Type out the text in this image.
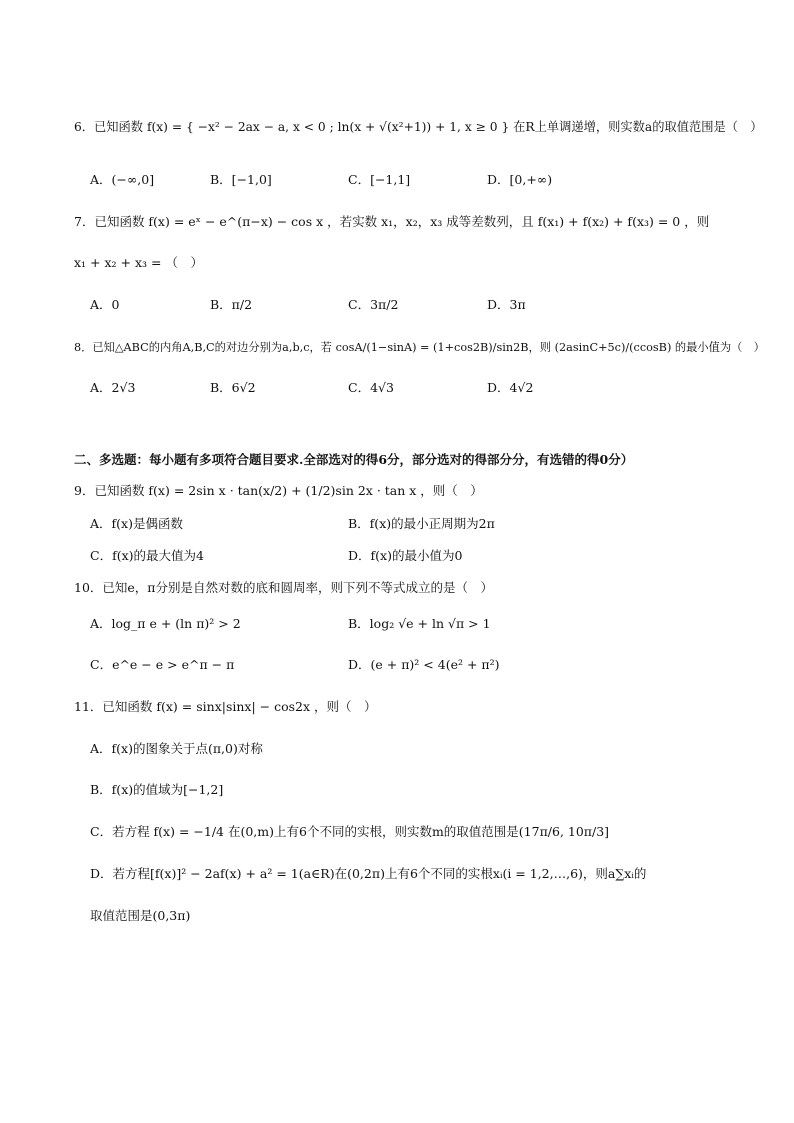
6．已知函数 f(x) = { −x² − 2ax − a, x < 0 ; ln(x + √(x²+1)) + 1, x ≥ 0 } 在R上单调递增，则实数a的取值范围是（　）
A．(−∞,0]	B．[−1,0]	C．[−1,1]	D．[0,+∞)
7．已知函数 f(x) = eˣ − e^(π−x) − cos x ，若实数 x₁，x₂，x₃ 成等差数列，且 f(x₁) + f(x₂) + f(x₃) = 0 ，则
x₁ + x₂ + x₃ = （　）
A．0	B．π/2	C．3π/2	D．3π
8．已知△ABC的内角A,B,C的对边分别为a,b,c，若 cosA/(1−sinA) = (1+cos2B)/sin2B，则 (2asinC+5c)/(ccosB) 的最小值为（　）
A．2√3	B．6√2	C．4√3	D．4√2
二、多选题：每小题有多项符合题目要求.全部选对的得6分，部分选对的得部分分，有选错的得0分）
9．已知函数 f(x) = 2sin x · tan(x/2) + (1/2)sin 2x · tan x ，则（　）
A．f(x)是偶函数	B．f(x)的最小正周期为2π
C．f(x)的最大值为4	D．f(x)的最小值为0
10．已知e，π分别是自然对数的底和圆周率，则下列不等式成立的是（　）
A．log_π e + (ln π)² > 2	B．log₂ √e + ln √π > 1
C．e^e − e > e^π − π	D．(e + π)² < 4(e² + π²)
11．已知函数 f(x) = sinx|sinx| − cos2x ，则（　）
A．f(x)的图象关于点(π,0)对称
B．f(x)的值域为[−1,2]
C．若方程 f(x) = −1/4 在(0,m)上有6个不同的实根，则实数m的取值范围是(17π/6, 10π/3]
D．若方程[f(x)]² − 2af(x) + a² = 1(a∈R)在(0,2π)上有6个不同的实根xᵢ(i = 1,2,…,6)，则a∑xᵢ的
取值范围是(0,3π)
